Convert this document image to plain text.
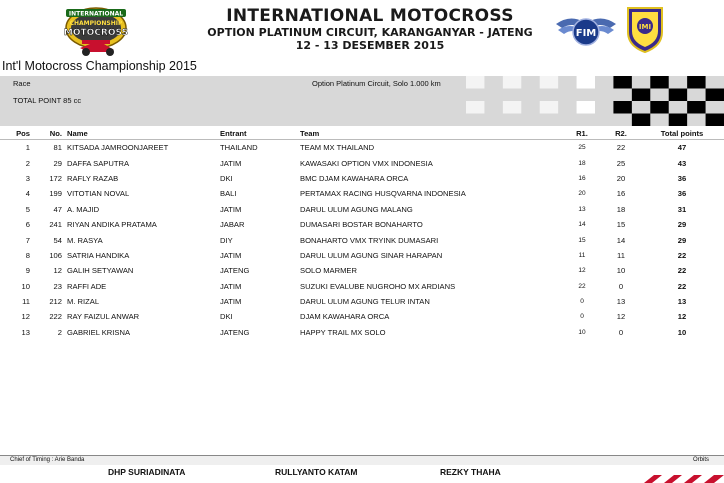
INTERNATIONAL
CHAMPIONSHIP
MOTOCROSS
INTERNATIONAL MOTOCROSS
OPTION PLATINUM CIRCUIT, KARANGANYAR - JATENG
12 - 13 DESEMBER 2015
FIM
IMI
Int'l Motocross Championship 2015
Race	Option Platinum Circuit, Solo 1.000 km
TOTAL POINT 85 cc
Pos	No.	Name	Entrant	Team	R1.	R2.	Total points
1	81	KITSADA JAMROONJAREET	THAILAND	TEAM MX THAILAND	25	22	47
2	29	DAFFA SAPUTRA	JATIM	KAWASAKI OPTION VMX INDONESIA	18	25	43
3	172	RAFLY RAZAB	DKI	BMC DJAM KAWAHARA ORCA	16	20	36
4	199	VITOTIAN NOVAL	BALI	PERTAMAX RACING HUSQVARNA INDONESIA	20	16	36
5	47	A. MAJID	JATIM	DARUL ULUM AGUNG MALANG	13	18	31
6	241	RIYAN ANDIKA PRATAMA	JABAR	DUMASARI BOSTAR BONAHARTO	14	15	29
7	54	M. RASYA	DIY	BONAHARTO VMX TRYINK DUMASARI	15	14	29
8	106	SATRIA HANDIKA	JATIM	DARUL ULUM AGUNG SINAR HARAPAN	11	11	22
9	12	GALIH SETYAWAN	JATENG	SOLO MARMER	12	10	22
10	23	RAFFI ADE	JATIM	SUZUKI EVALUBE NUGROHO MX ARDIANS	22	0	22
11	212	M. RIZAL	JATIM	DARUL ULUM AGUNG TELUR INTAN	0	13	13
12	222	RAY FAIZUL ANWAR	DKI	DJAM KAWAHARA ORCA	0	12	12
13	2	GABRIEL KRISNA	JATENG	HAPPY TRAIL MX SOLO	10	0	10
Chief of Timing : Arie Banda	Orbits
DHP SURIADINATA	RULLYANTO KATAM	REZKY THAHA
